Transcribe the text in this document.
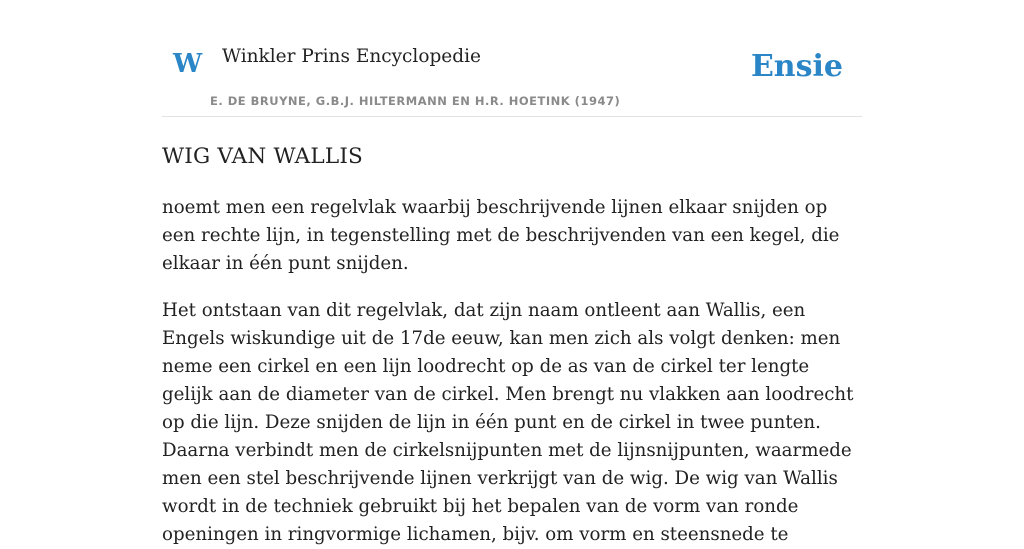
W Winkler Prins Encyclopedie
E. DE BRUYNE, G.B.J. HILTERMANN EN H.R. HOETINK (1947)
Ensie
WIG VAN WALLIS

noemt men een regelvlak waarbij beschrijvende lijnen elkaar snijden op een rechte lijn, in tegenstelling met de beschrijvenden van een kegel, die elkaar in één punt snijden.

Het ontstaan van dit regelvlak, dat zijn naam ontleent aan Wallis, een Engels wiskundige uit de 17de eeuw, kan men zich als volgt denken: men neme een cirkel en een lijn loodrecht op de as van de cirkel ter lengte gelijk aan de diameter van de cirkel. Men brengt nu vlakken aan loodrecht op die lijn. Deze snijden de lijn in één punt en de cirkel in twee punten. Daarna verbindt men de cirkelsnijpunten met de lijnsnijpunten, waarmede men een stel beschrijvende lijnen verkrijgt van de wig. De wig van Wallis wordt in de techniek gebruikt bij het bepalen van de vorm van ronde openingen in ringvormige lichamen, bijv. om vorm en steensnede te
